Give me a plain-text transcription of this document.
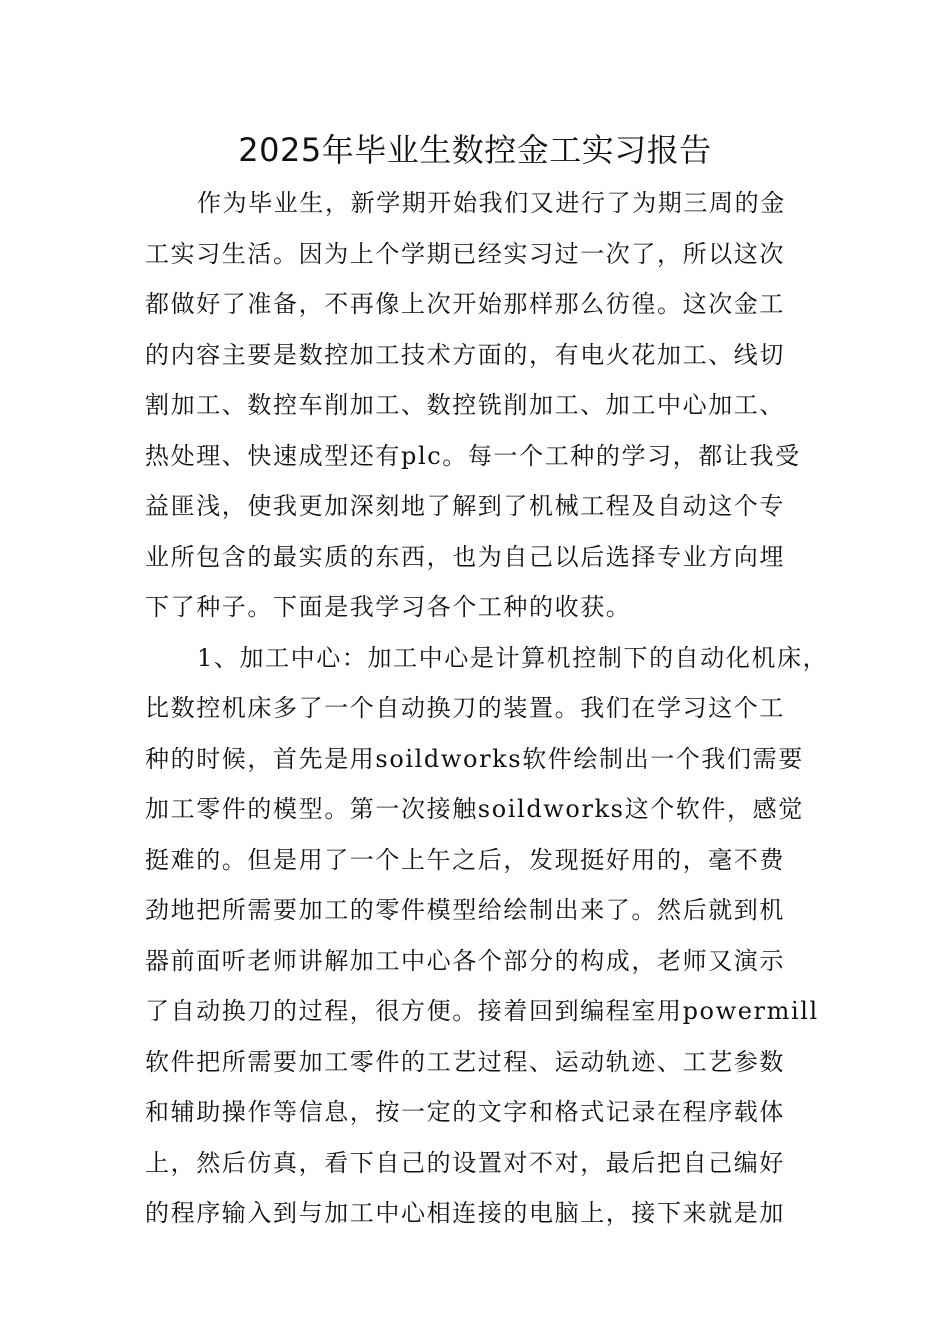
2025年毕业生数控金工实习报告
作为毕业生，新学期开始我们又进行了为期三周的金
工实习生活。因为上个学期已经实习过一次了，所以这次
都做好了准备，不再像上次开始那样那么彷徨。这次金工
的内容主要是数控加工技术方面的，有电火花加工、线切
割加工、数控车削加工、数控铣削加工、加工中心加工、
热处理、快速成型还有plc。每一个工种的学习，都让我受
益匪浅，使我更加深刻地了解到了机械工程及自动这个专
业所包含的最实质的东西，也为自己以后选择专业方向埋
下了种子。下面是我学习各个工种的收获。
1、加工中心：加工中心是计算机控制下的自动化机床，
比数控机床多了一个自动换刀的装置。我们在学习这个工
种的时候，首先是用soildworks软件绘制出一个我们需要
加工零件的模型。第一次接触soildworks这个软件，感觉
挺难的。但是用了一个上午之后，发现挺好用的，毫不费
劲地把所需要加工的零件模型给绘制出来了。然后就到机
器前面听老师讲解加工中心各个部分的构成，老师又演示
了自动换刀的过程，很方便。接着回到编程室用powermill
软件把所需要加工零件的工艺过程、运动轨迹、工艺参数
和辅助操作等信息，按一定的文字和格式记录在程序载体
上，然后仿真，看下自己的设置对不对，最后把自己编好
的程序输入到与加工中心相连接的电脑上，接下来就是加
